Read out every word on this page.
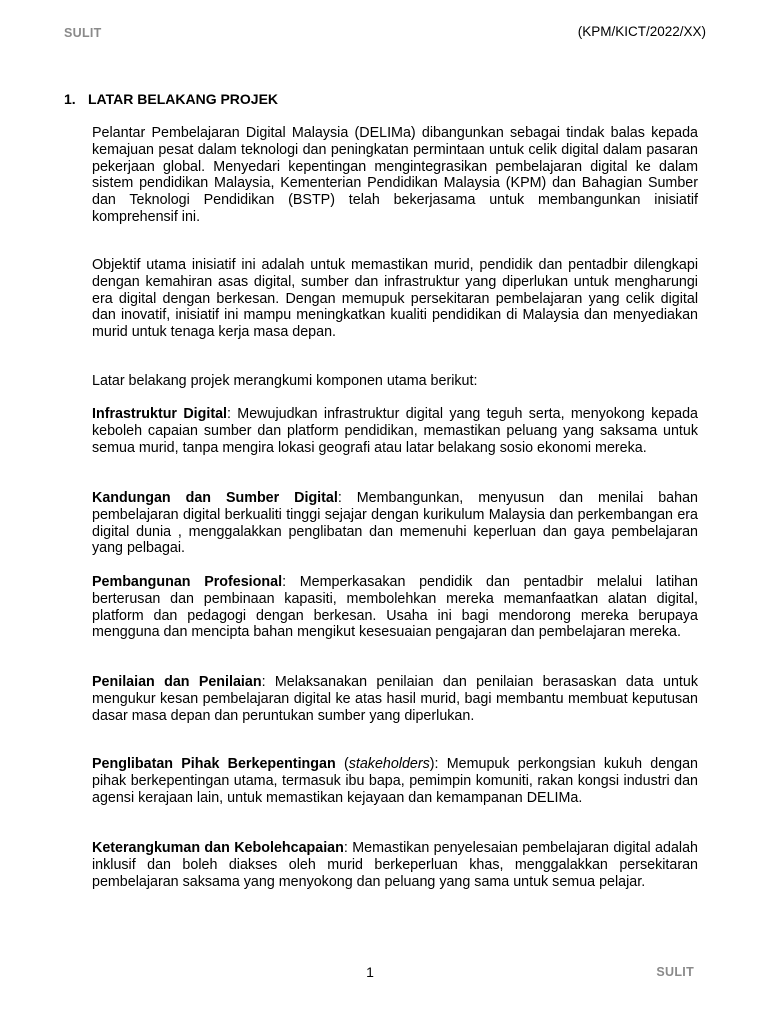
SULIT	(KPM/KICT/2022/XX)
1. LATAR BELAKANG PROJEK

Pelantar Pembelajaran Digital Malaysia (DELIMa) dibangunkan sebagai tindak balas kepada kemajuan pesat dalam teknologi dan peningkatan permintaan untuk celik digital dalam pasaran pekerjaan global. Menyedari kepentingan mengintegrasikan pembelajaran digital ke dalam sistem pendidikan Malaysia, Kementerian Pendidikan Malaysia (KPM) dan Bahagian Sumber dan Teknologi Pendidikan (BSTP) telah bekerjasama untuk membangunkan inisiatif komprehensif ini.

Objektif utama inisiatif ini adalah untuk memastikan murid, pendidik dan pentadbir dilengkapi dengan kemahiran asas digital, sumber dan infrastruktur yang diperlukan untuk mengharungi era digital dengan berkesan. Dengan memupuk persekitaran pembelajaran yang celik digital dan inovatif, inisiatif ini mampu meningkatkan kualiti pendidikan di Malaysia dan menyediakan murid untuk tenaga kerja masa depan.

Latar belakang projek merangkumi komponen utama berikut:

Infrastruktur Digital: Mewujudkan infrastruktur digital yang teguh serta, menyokong kepada keboleh capaian sumber dan platform pendidikan, memastikan peluang yang saksama untuk semua murid, tanpa mengira lokasi geografi atau latar belakang sosio ekonomi mereka.

Kandungan dan Sumber Digital: Membangunkan, menyusun dan menilai bahan pembelajaran digital berkualiti tinggi sejajar dengan kurikulum Malaysia dan perkembangan era digital dunia , menggalakkan penglibatan dan memenuhi keperluan dan gaya pembelajaran yang pelbagai.

Pembangunan Profesional: Memperkasakan pendidik dan pentadbir melalui latihan berterusan dan pembinaan kapasiti, membolehkan mereka memanfaatkan alatan digital, platform dan pedagogi dengan berkesan. Usaha ini bagi mendorong mereka berupaya mengguna dan mencipta bahan mengikut kesesuaian pengajaran dan pembelajaran mereka.

Penilaian dan Penilaian: Melaksanakan penilaian dan penilaian berasaskan data untuk mengukur kesan pembelajaran digital ke atas hasil murid, bagi membantu membuat keputusan dasar masa depan dan peruntukan sumber yang diperlukan.

Penglibatan Pihak Berkepentingan (stakeholders): Memupuk perkongsian kukuh dengan pihak berkepentingan utama, termasuk ibu bapa, pemimpin komuniti, rakan kongsi industri dan agensi kerajaan lain, untuk memastikan kejayaan dan kemampanan DELIMa.

Keterangkuman dan Kebolehcapaian: Memastikan penyelesaian pembelajaran digital adalah inklusif dan boleh diakses oleh murid berkeperluan khas, menggalakkan persekitaran pembelajaran saksama yang menyokong dan peluang yang sama untuk semua pelajar.

1	SULIT
